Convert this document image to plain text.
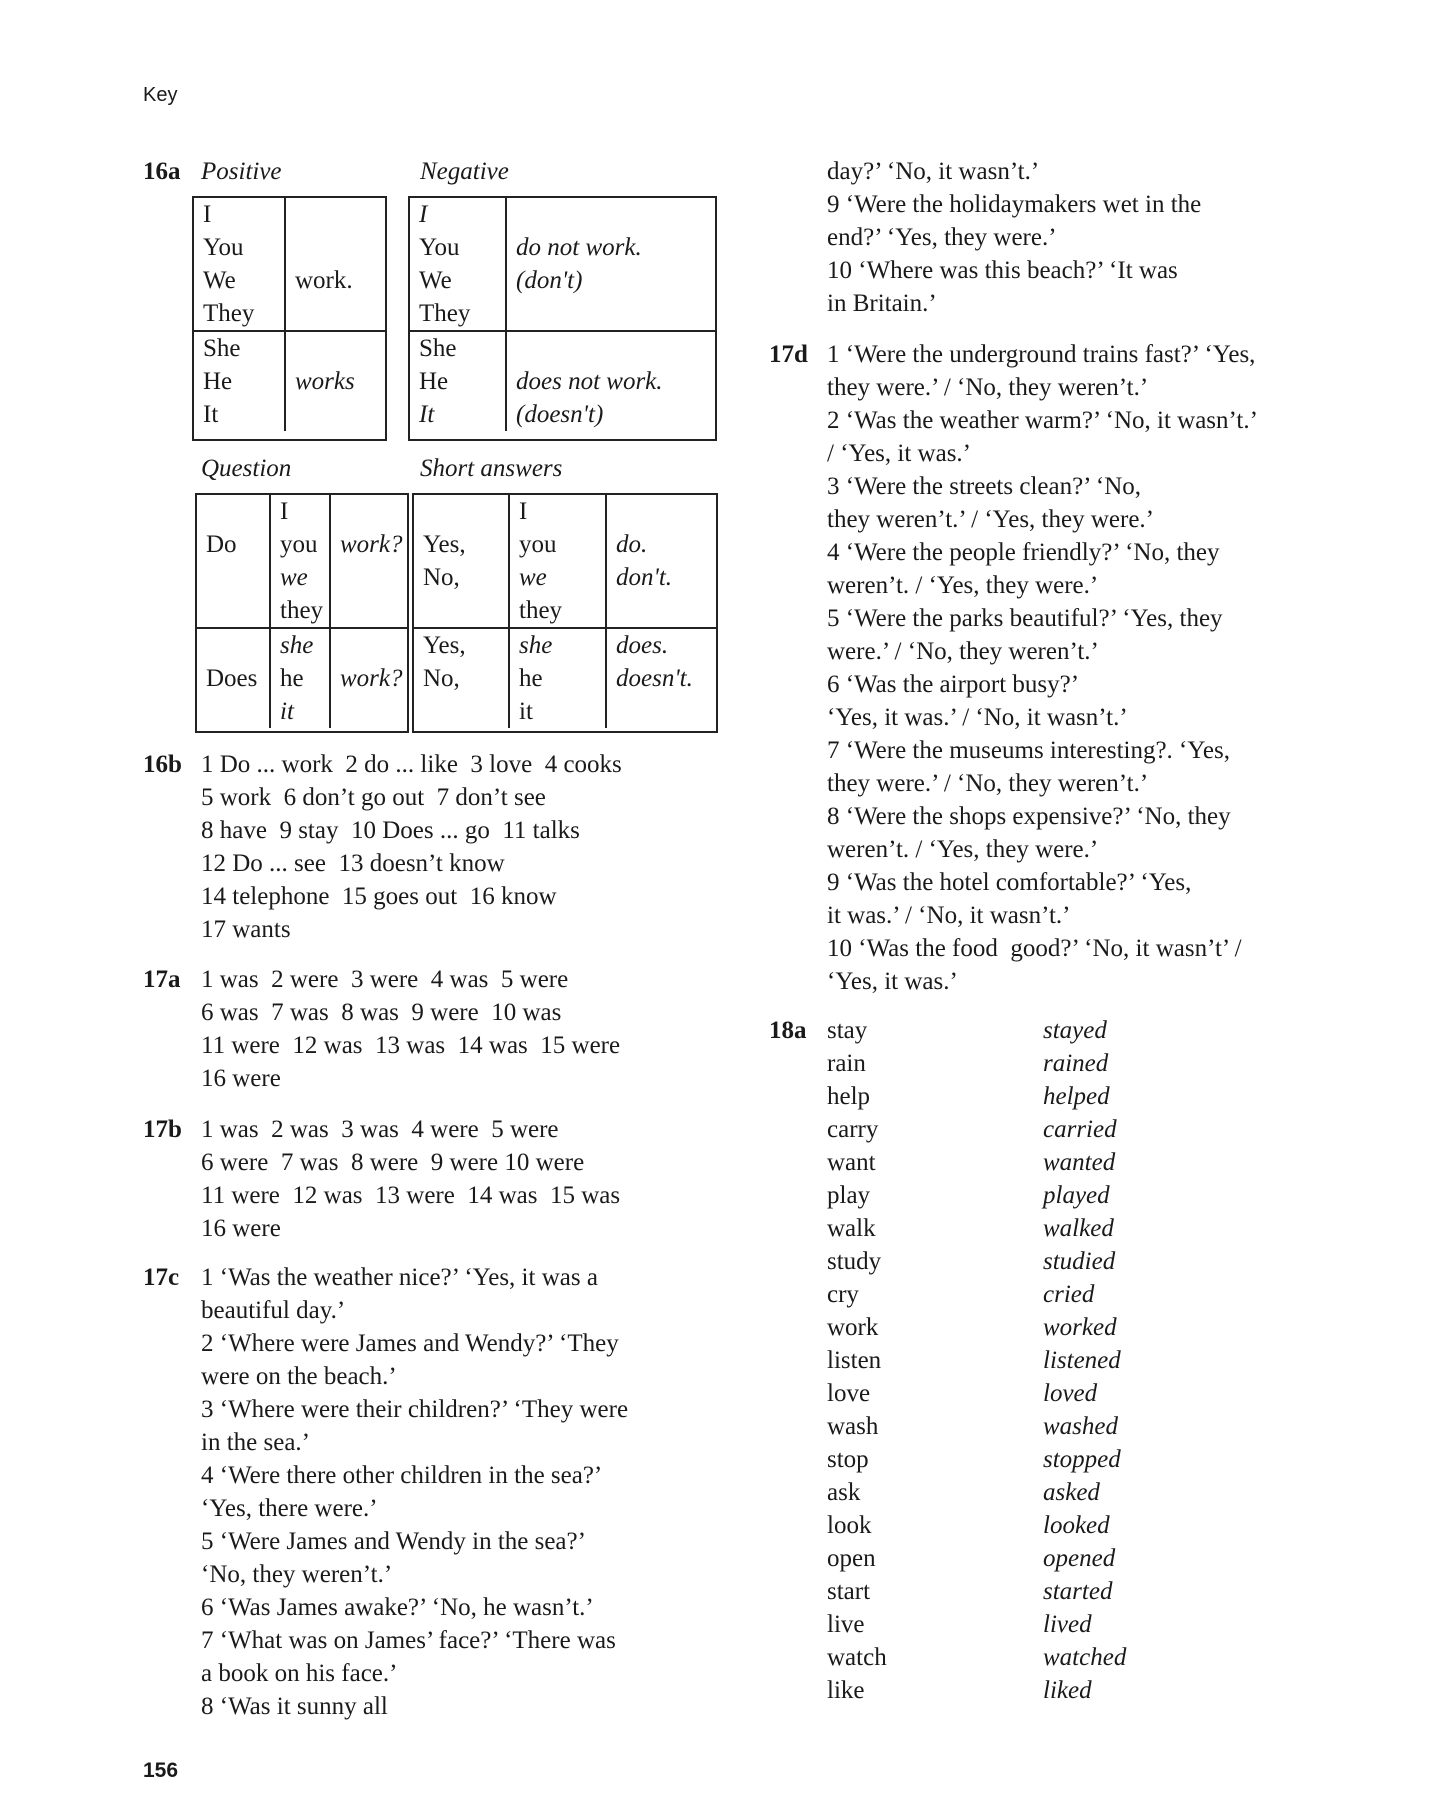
Key
16a Positive	Negative
Question	Short answers
I
You
We
They
work.
She
He
It
works
I
You
We
They
do not work.
(don't)
She
He
It
does not work.
(doesn't)
Do
I
you
we
they
work?
Does
she
he
it
work?
Yes,
No,
I
you
we
they
do.
don't.
Yes,
No,
she
he
it
does.
doesn't.
16b 1 Do ... work  2 do ... like  3 love  4 cooks
5 work  6 don’t go out  7 don’t see
8 have  9 stay  10 Does ... go  11 talks
12 Do ... see  13 doesn’t know
14 telephone  15 goes out  16 know
17 wants
17a 1 was  2 were  3 were  4 was  5 were
6 was  7 was  8 was  9 were  10 was
11 were  12 was  13 was  14 was  15 were
16 were
17b 1 was  2 was  3 was  4 were  5 were
6 were  7 was  8 were  9 were 10 were
11 were  12 was  13 were  14 was  15 was
16 were
17c 1 ‘Was the weather nice?’ ‘Yes, it was a
beautiful day.’
2 ‘Where were James and Wendy?’ ‘They
were on the beach.’
3 ‘Where were their children?’ ‘They were
in the sea.’
4 ‘Were there other children in the sea?’
‘Yes, there were.’
5 ‘Were James and Wendy in the sea?’
‘No, they weren’t.’
6 ‘Was James awake?’ ‘No, he wasn’t.’
7 ‘What was on James’ face?’ ‘There was
a book on his face.’
8 ‘Was it sunny all
day?’ ‘No, it wasn’t.’
9 ‘Were the holidaymakers wet in the
end?’ ‘Yes, they were.’
10 ‘Where was this beach?’ ‘It was
in Britain.’
17d 1 ‘Were the underground trains fast?’ ‘Yes,
they were.’ / ‘No, they weren’t.’
2 ‘Was the weather warm?’ ‘No, it wasn’t.’
/ ‘Yes, it was.’
3 ‘Were the streets clean?’ ‘No,
they weren’t.’ / ‘Yes, they were.’
4 ‘Were the people friendly?’ ‘No, they
weren’t. / ‘Yes, they were.’
5 ‘Were the parks beautiful?’ ‘Yes, they
were.’ / ‘No, they weren’t.’
6 ‘Was the airport busy?’
‘Yes, it was.’ / ‘No, it wasn’t.’
7 ‘Were the museums interesting?. ‘Yes,
they were.’ / ‘No, they weren’t.’
8 ‘Were the shops expensive?’ ‘No, they
weren’t. / ‘Yes, they were.’
9 ‘Was the hotel comfortable?’ ‘Yes,
it was.’ / ‘No, it wasn’t.’
10 ‘Was the food  good?’ ‘No, it wasn’t’ /
‘Yes, it was.’
18a stay
rain
help
carry
want
play
walk
study
cry
work
listen
love
wash
stop
ask
look
open
start
live
watch
like
stayed
rained
helped
carried
wanted
played
walked
studied
cried
worked
listened
loved
washed
stopped
asked
looked
opened
started
lived
watched
liked
156
